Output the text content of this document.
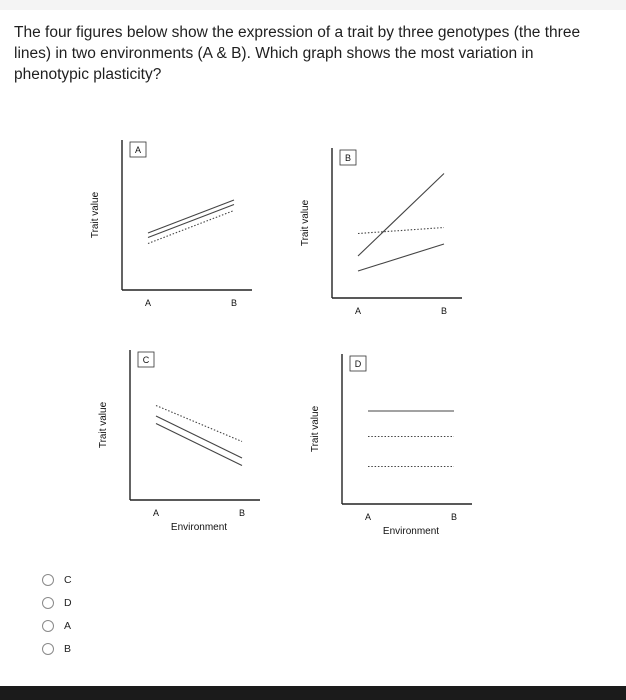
The four figures below show the expression of a trait by three genotypes (the three lines) in two environments (A & B). Which graph shows the most variation in phenotypic plasticity?
A
A	B
Trait value
B
A	B
Trait value
C
A	B
Trait value
Environment
D
A	B
Trait value
Environment
C
D
A
B
